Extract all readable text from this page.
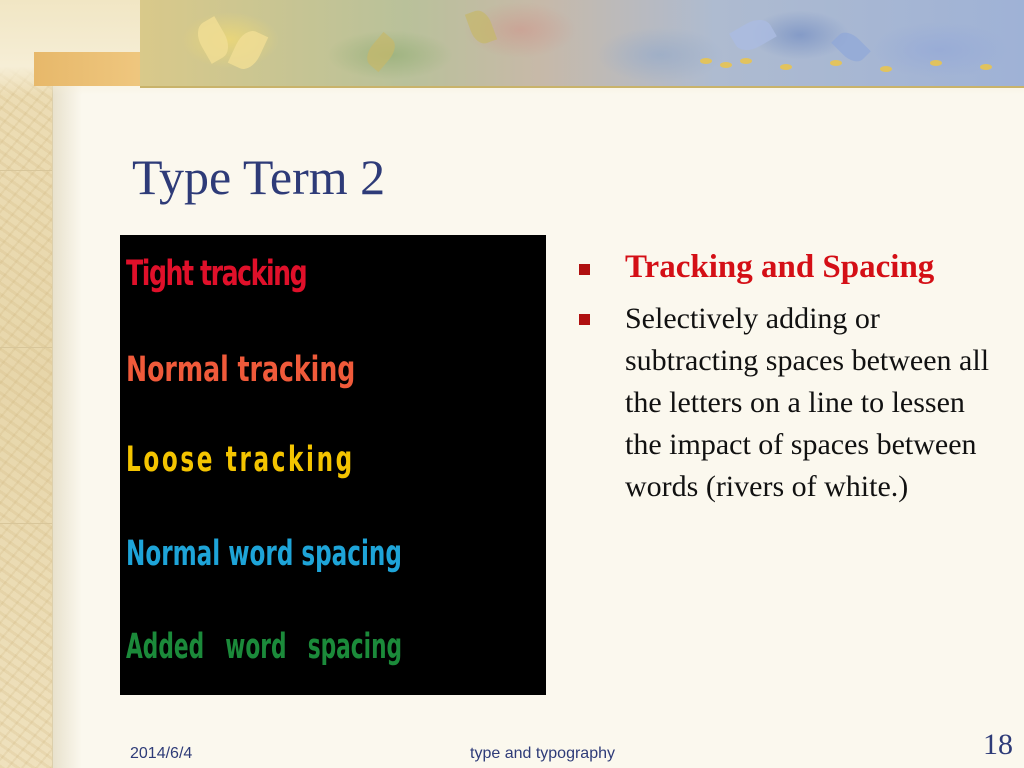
Type Term 2
Tight tracking
Normal tracking
Loose tracking
Normal word spacing
Added word spacing
Tracking and Spacing
Selectively adding or subtracting spaces between all the letters on a line to lessen the impact of spaces between words (rivers of white.)
2014/6/4	type and typography	18
